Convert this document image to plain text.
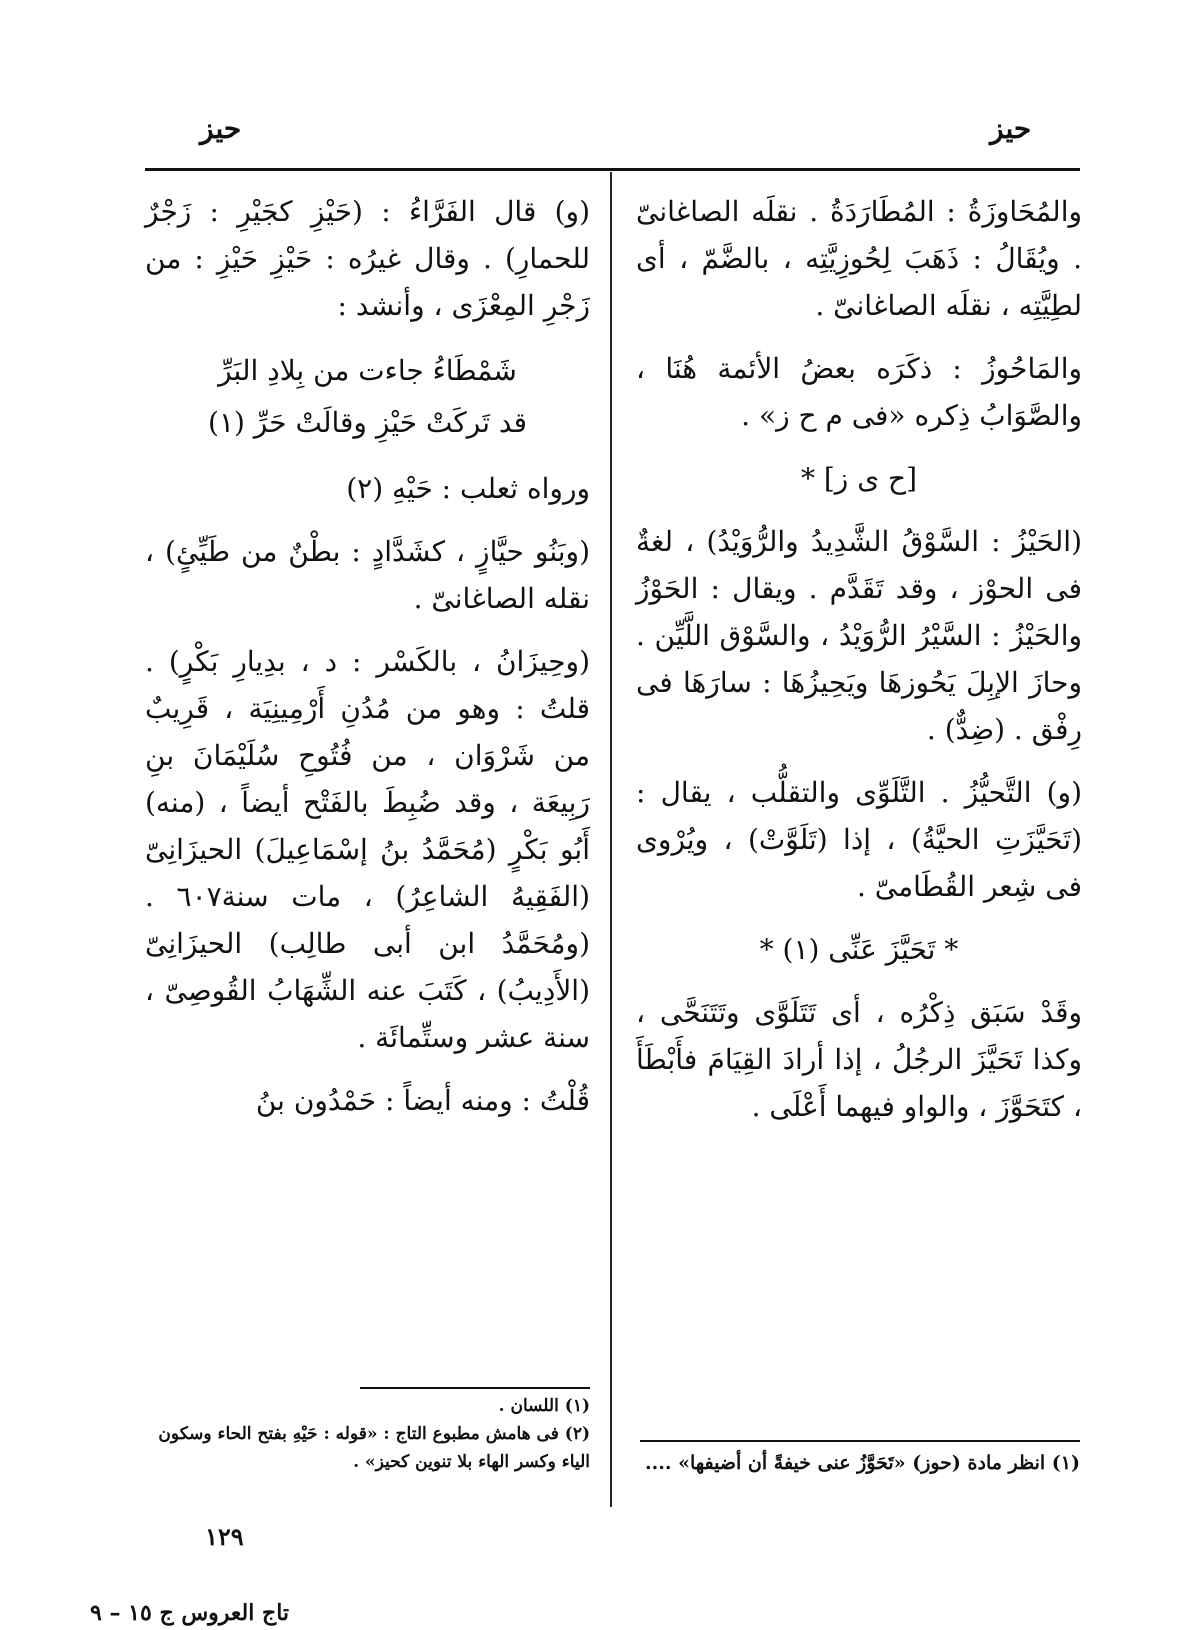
حيز
حيز

والمُحَاوزَةُ : المُطَارَدَةُ . نقلَه الصاغانىّ . ويُقَالُ : ذَهَبَ لِحُوزِيَّتِه ، بالضَّمّ ، أى لطِيَّتِه ، نقلَه الصاغانىّ .

والمَاحُوزُ : ذكَرَه بعضُ الأئمة هُنَا ، والصَّوَابُ ذِكره «فى م ح ز» .

[ح ى ز] *

(الحَيْزُ : السَّوْقُ الشَّدِيدُ والرُّوَيْدُ) ، لغةٌ فى الحوْز ، وقد تَقَدَّم . ويقال : الحَوْزُ والحَيْزُ : السَّيْرُ الرُّوَيْدُ ، والسَّوْق اللَّيِّن . وحازَ الإبِلَ يَحُوزهَا ويَحِيزُهَا : سارَهَا فى رِفْق . (ضِدٌّ) .

(و) التَّحيُّزُ . التَّلَوِّى والتقلُّب ، يقال : (تَحَيَّزَتِ الحيَّةُ) ، إذا (تَلَوَّتْ) ، ويُرْوى فى شِعر القُطَامىّ .

* تَحَيَّزَ عَنِّى (١) *

وقَدْ سَبَق ذِكْرُه ، أى تَتَلَوَّى وتَتَنَحَّى ، وكذا تَحَيَّزَ الرجُلُ ، إذا أرادَ القِيَامَ فأَبْطَأَ ، كتَحَوَّزَ ، والواو فيهما أَعْلَى .

(و) قال الفَرَّاءُ : (حَيْزِ كجَيْرِ : زَجْرٌ للحمارِ) . وقال غيرُه : حَيْزِ حَيْزِ : من زَجْرِ المِعْزَى ، وأنشد :

شَمْطَاءُ جاءت من بِلادِ البَرِّ
قد تَركَتْ حَيْزِ وقالَتْ حَرِّ (١)

ورواه ثعلب : حَيْهِ (٢)

(وبَنُو حيَّازٍ ، كشَدَّادٍ : بطْنٌ من طَيِّئٍ) ، نقله الصاغانىّ .

(وحِيزَانُ ، بالكَسْر : د ، بدِيارِ بَكْرٍ) . قلتُ : وهو من مُدُنِ أَرْمِينِيَة ، قَرِيبٌ من شَرْوَان ، من فُتُوحِ سُلَيْمَانَ بنِ رَبِيعَة ، وقد ضُبِطَ بالفَتْح أيضاً ، (منه) أَبُو بَكْرٍ (مُحَمَّدُ بنُ إسْمَاعِيلَ) الحيزَانِىّ (الفَقِيهُ الشاعِرُ) ، مات سنة٦٠٧ . (ومُحَمَّدُ ابن أبى طالِب) الحيزَانِىّ (الأَدِيبُ) ، كَتَبَ عنه الشِّهَابُ القُوصِىّ ، سنة عشر وستِّمائَة .

قُلْتُ : ومنه أيضاً : حَمْدُون بنُ

(١) انظر مادة (حوز) «تَحَوَّزُ عنى خيفةً أن أضيفها» ....
(١) اللسان .
(٢) فى هامش مطبوع التاج : «قوله : حَيْهِ بفتح الحاء وسكون الياء وكسر الهاء بلا تنوين كحيز» .
١٢٩
تاج العروس ج ١٥ – ٩
